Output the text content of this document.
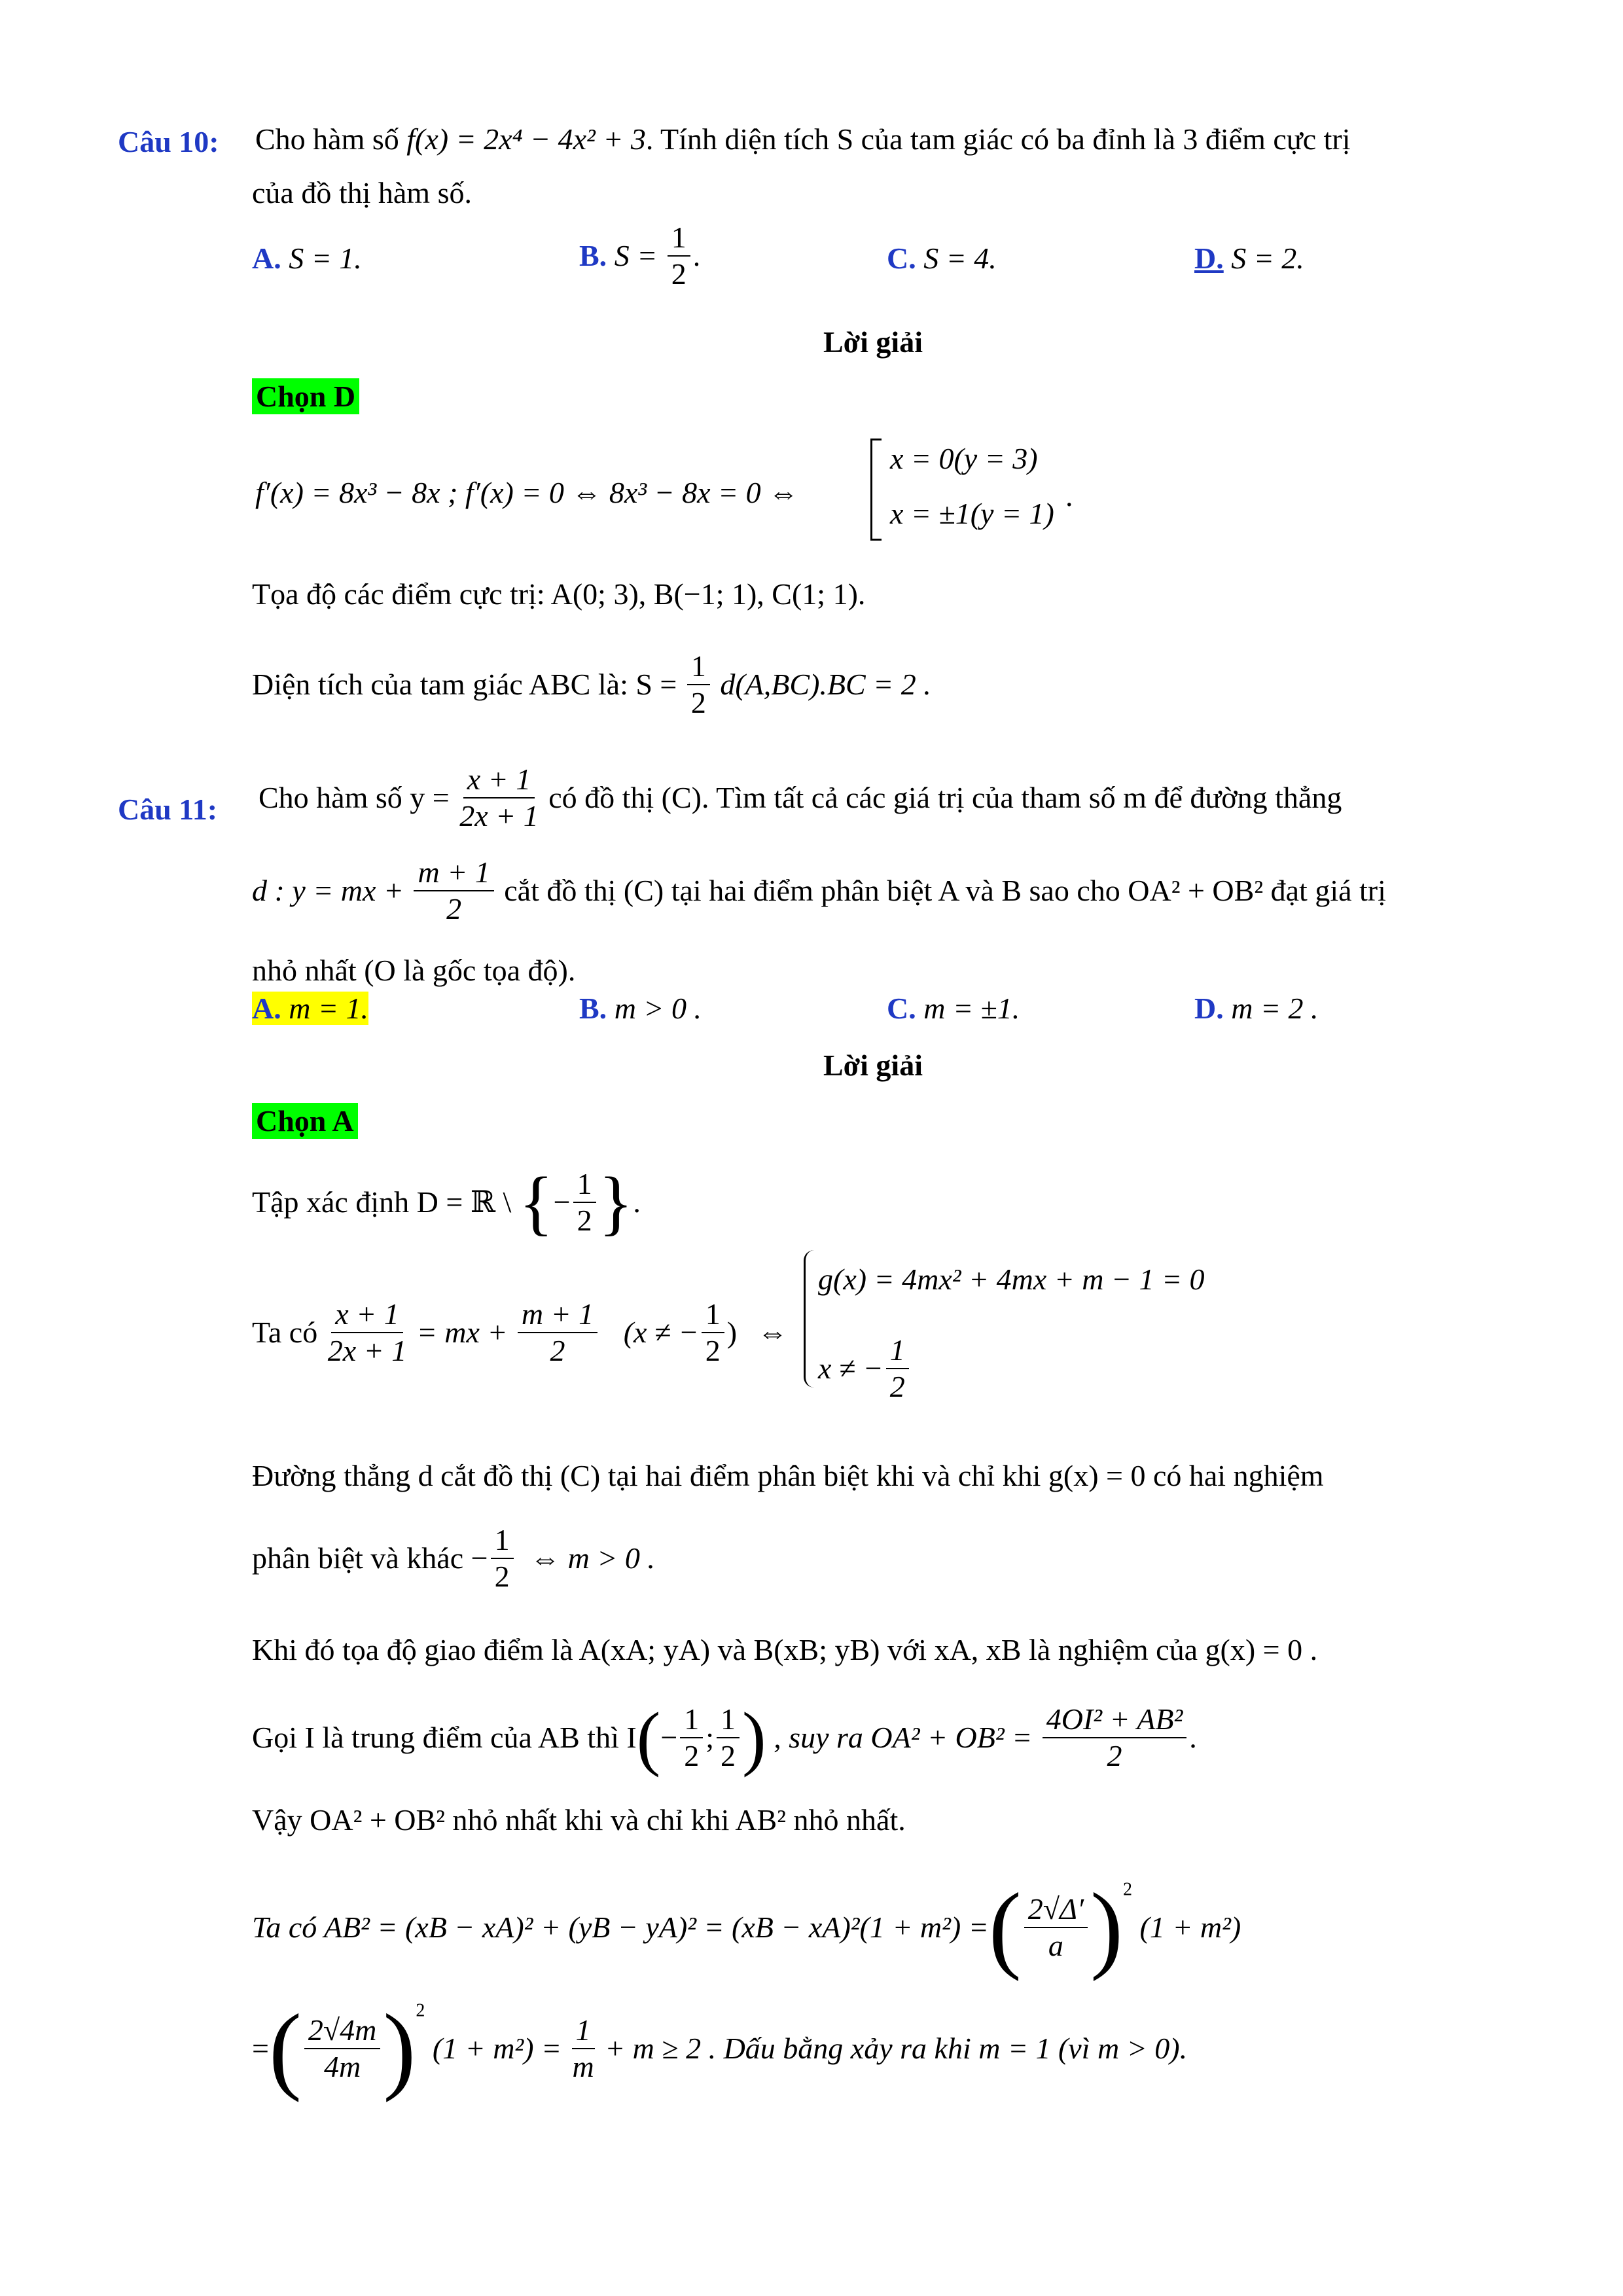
Câu 10: Cho hàm số f(x) = 2x⁴ − 4x² + 3. Tính diện tích S của tam giác có ba đỉnh là 3 điểm cực trị
của đồ thị hàm số.
A. S = 1.	B. $S = \frac{1}{2}$ .	C. S = 4.	D. S = 2.
Lời giải
Chọn D
f′(x) = 8x³ − 8x ; f′(x) = 0 ⇔ 8x³ − 8x = 0 ⇔
x = 0(y = 3)
x = ±1(y = 1)
.
Tọa độ các điểm cực trị: A(0; 3), B(−1; 1), C(1; 1).
Diện tích của tam giác ABC là: $S = \frac{1}{2} d(A,BC).BC = 2$ .
Câu 11: Cho hàm số $y = \frac{x + 1}{2x + 1}$ có đồ thị (C). Tìm tất cả các giá trị của tham số m để đường thẳng
d : y = mx + $\frac{m + 1}{2}$ cắt đồ thị (C) tại hai điểm phân biệt A và B sao cho OA² + OB² đạt giá trị
nhỏ nhất (O là gốc tọa độ).
A. m = 1.	B. m > 0 .	C. m = ±1.	D. m = 2 .
Lời giải
Chọn A
Tập xác định D = ℝ \ {− $\frac{1}{2}$ }.
Ta có $\frac{x + 1}{2x + 1}$ = mx + $\frac{m + 1}{2} (x$ ≠ − $\frac{1}{2}$ ) ⇔
g(x) = 4mx² + 4mx + m − 1 = 0
x ≠ − $\frac{1}{2}$
Đường thẳng d cắt đồ thị (C) tại hai điểm phân biệt khi và chỉ khi g(x) = 0 có hai nghiệm
phân biệt và khác − $\frac{1}{2}$ ⇔ m > 0 .
Khi đó tọa độ giao điểm là A(xA; yA) và B(xB; yB) với xA, xB là nghiệm của g(x) = 0 .
Gọi I là trung điểm của AB thì $I(- \frac{1}{2}$ ; $\frac{1}{2}$ ) , suy ra $OA^2 + OB^2 = \frac{\text{4OI² + AB²}}{2}$ .
Vậy OA² + OB² nhỏ nhất khi và chỉ khi AB² nhỏ nhất.
Ta có AB² = (xB − xA)² + (yB − yA)² = (xB − xA)²(1 + m²) =( $\frac{2√\Delta'}{a} )^2$ (1 + m²)
=( $\frac{2√4m}{4m} )^2$ $(1 + m^2) = \frac{1}{m} + m \ge 2$ . Dấu bằng xảy ra khi m = 1 (vì m > 0).
